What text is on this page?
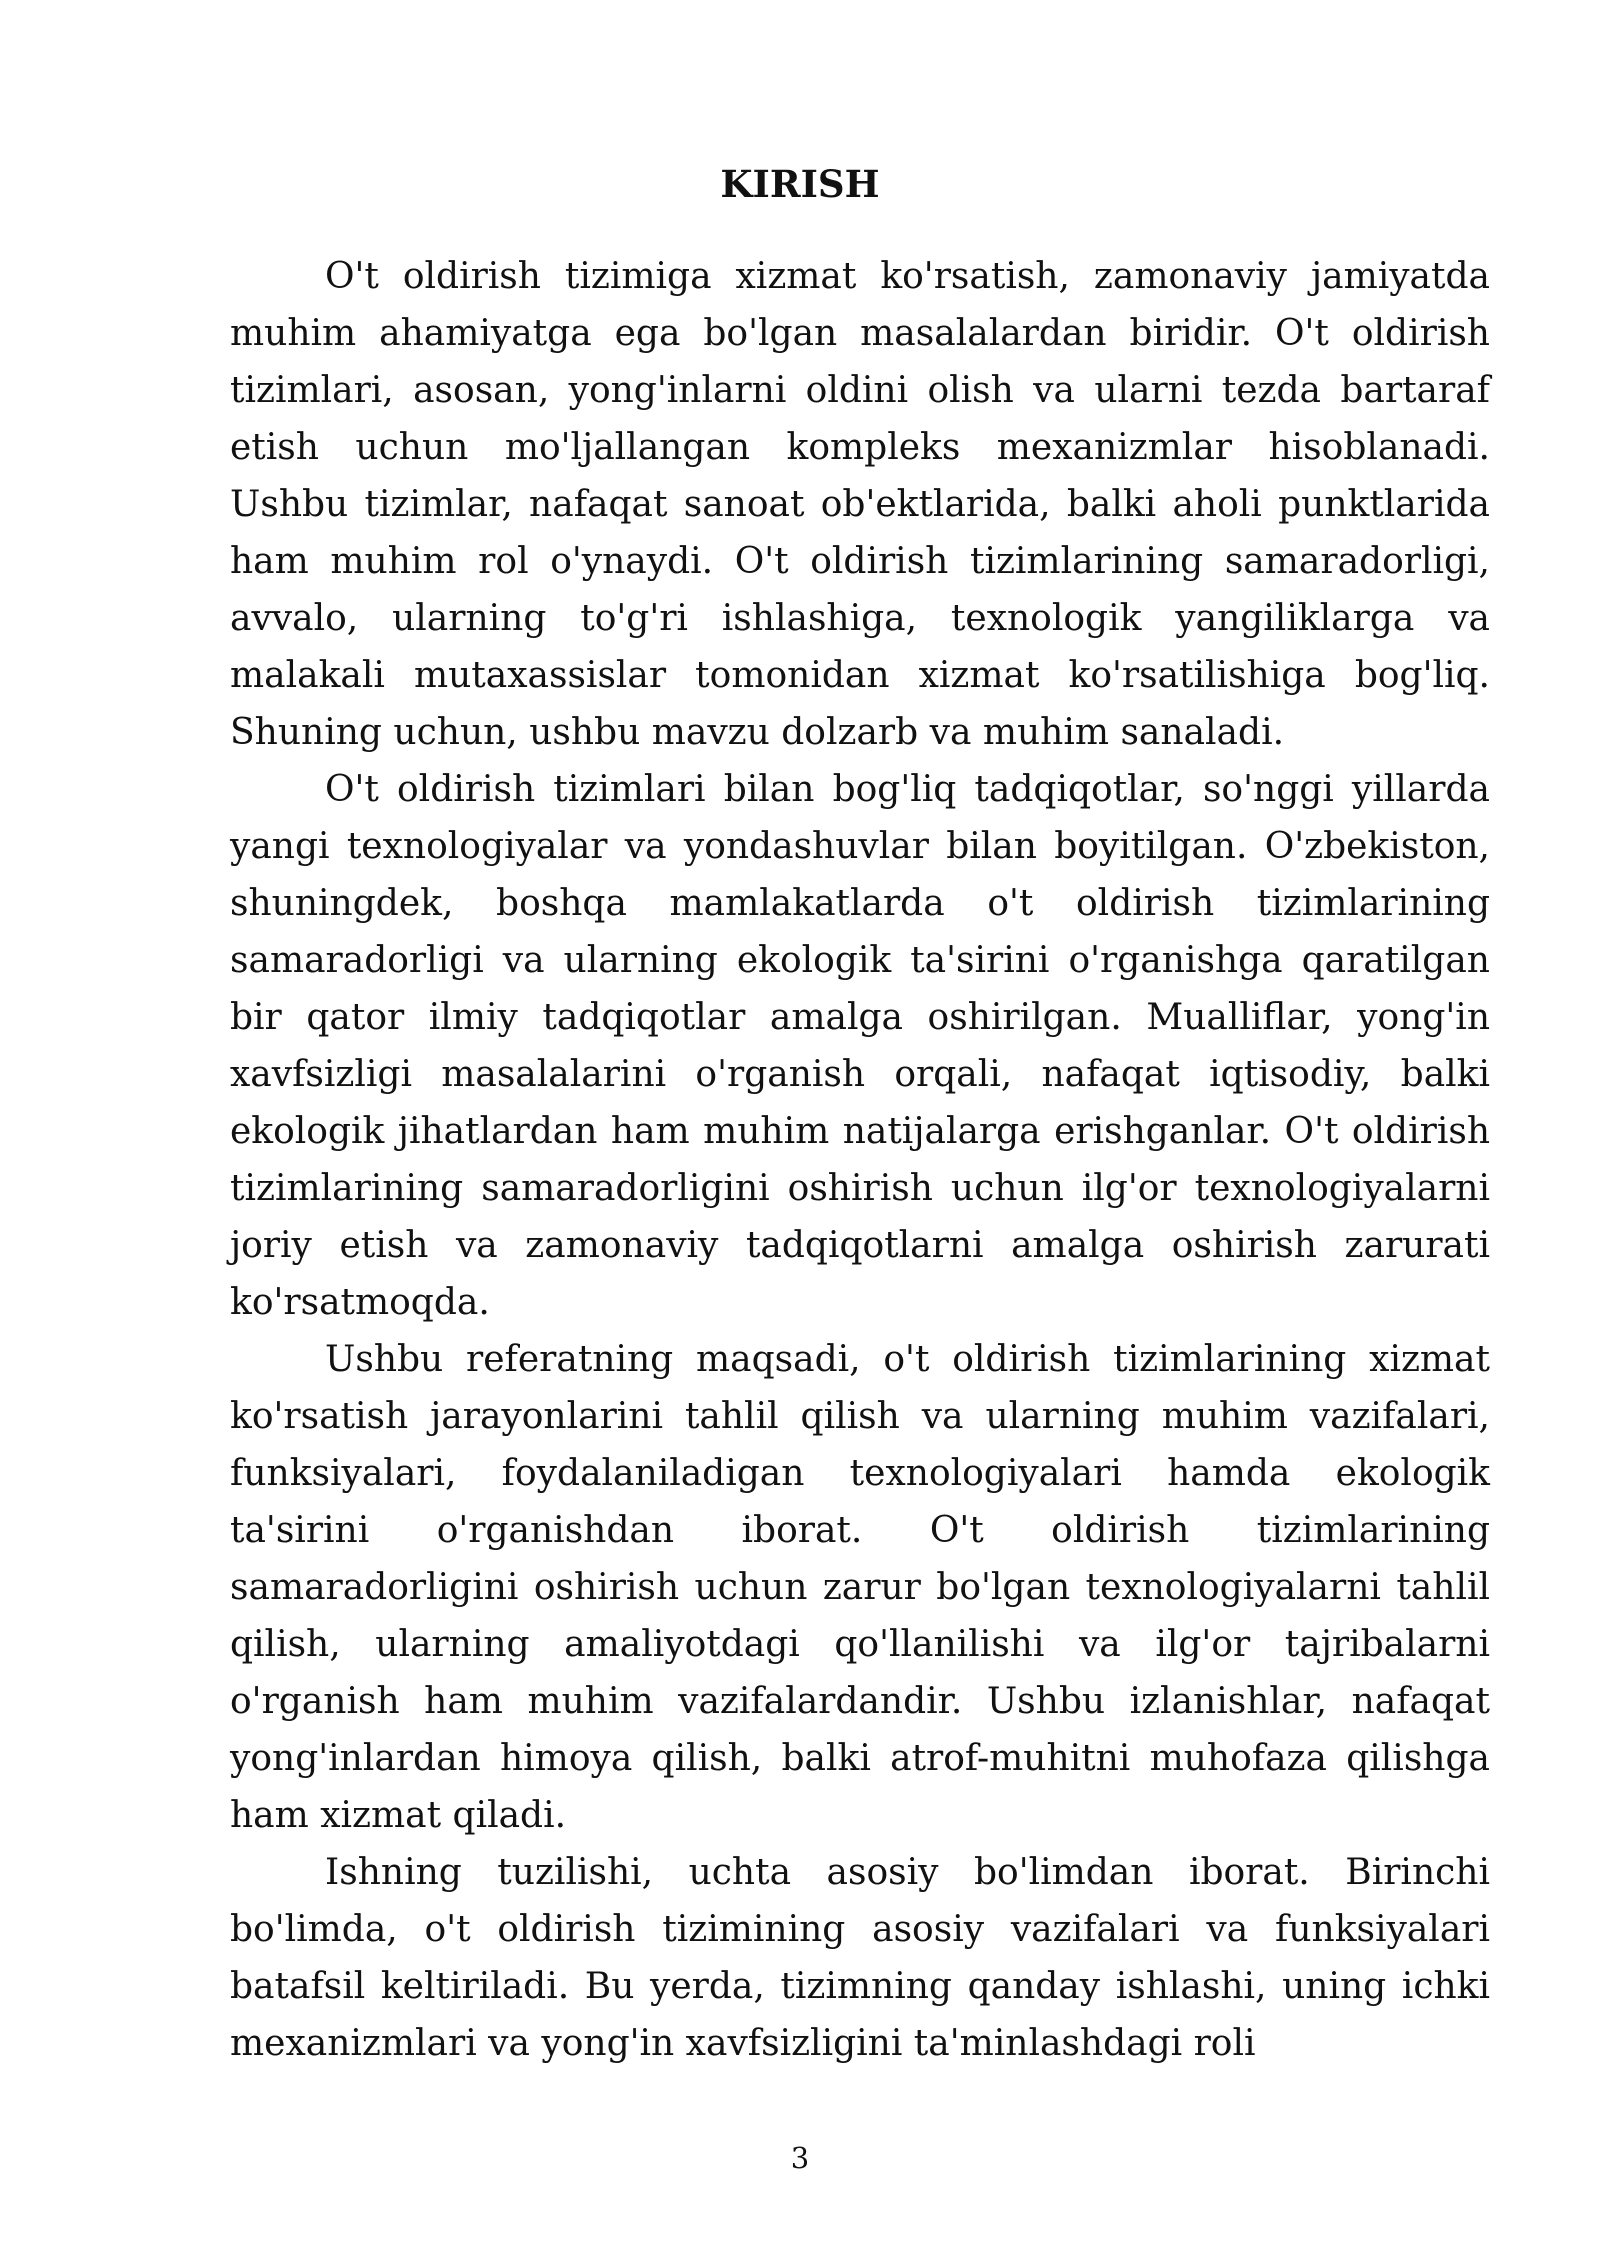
KIRISH

O't oldirish tizimiga xizmat ko'rsatish, zamonaviy jamiyatda muhim ahamiyatga ega bo'lgan masalalardan biridir. O't oldirish tizimlari, asosan, yong'inlarni oldini olish va ularni tezda bartaraf etish uchun mo'ljallangan kompleks mexanizmlar hisoblanadi. Ushbu tizimlar, nafaqat sanoat ob'ektlarida, balki aholi punktlarida ham muhim rol o'ynaydi. O't oldirish tizimlarining samaradorligi, avvalo, ularning to'g'ri ishlashiga, texnologik yangiliklarga va malakali mutaxassislar tomonidan xizmat ko'rsatilishiga bog'liq. Shuning uchun, ushbu mavzu dolzarb va muhim sanaladi.

O't oldirish tizimlari bilan bog'liq tadqiqotlar, so'nggi yillarda yangi texnologiyalar va yondashuvlar bilan boyitilgan. O'zbekiston, shuningdek, boshqa mamlakatlarda o't oldirish tizimlarining samaradorligi va ularning ekologik ta'sirini o'rganishga qaratilgan bir qator ilmiy tadqiqotlar amalga oshirilgan. Mualliflar, yong'in xavfsizligi masalalarini o'rganish orqali, nafaqat iqtisodiy, balki ekologik jihatlardan ham muhim natijalarga erishganlar. O't oldirish tizimlarining samaradorligini oshirish uchun ilg'or texnologiyalarni joriy etish va zamonaviy tadqiqotlarni amalga oshirish zarurati ko'rsatmoqda.

Ushbu referatning maqsadi, o't oldirish tizimlarining xizmat ko'rsatish jarayonlarini tahlil qilish va ularning muhim vazifalari, funksiyalari, foydalaniladigan texnologiyalari hamda ekologik ta'sirini o'rganishdan iborat. O't oldirish tizimlarining samaradorligini oshirish uchun zarur bo'lgan texnologiyalarni tahlil qilish, ularning amaliyotdagi qo'llanilishi va ilg'or tajribalarni o'rganish ham muhim vazifalardandir. Ushbu izlanishlar, nafaqat yong'inlardan himoya qilish, balki atrof-muhitni muhofaza qilishga ham xizmat qiladi.

Ishning tuzilishi, uchta asosiy bo'limdan iborat. Birinchi bo'limda, o't oldirish tizimining asosiy vazifalari va funksiyalari batafsil keltiriladi. Bu yerda, tizimning qanday ishlashi, uning ichki mexanizmlari va yong'in xavfsizligini ta'minlashdagi roli

3
